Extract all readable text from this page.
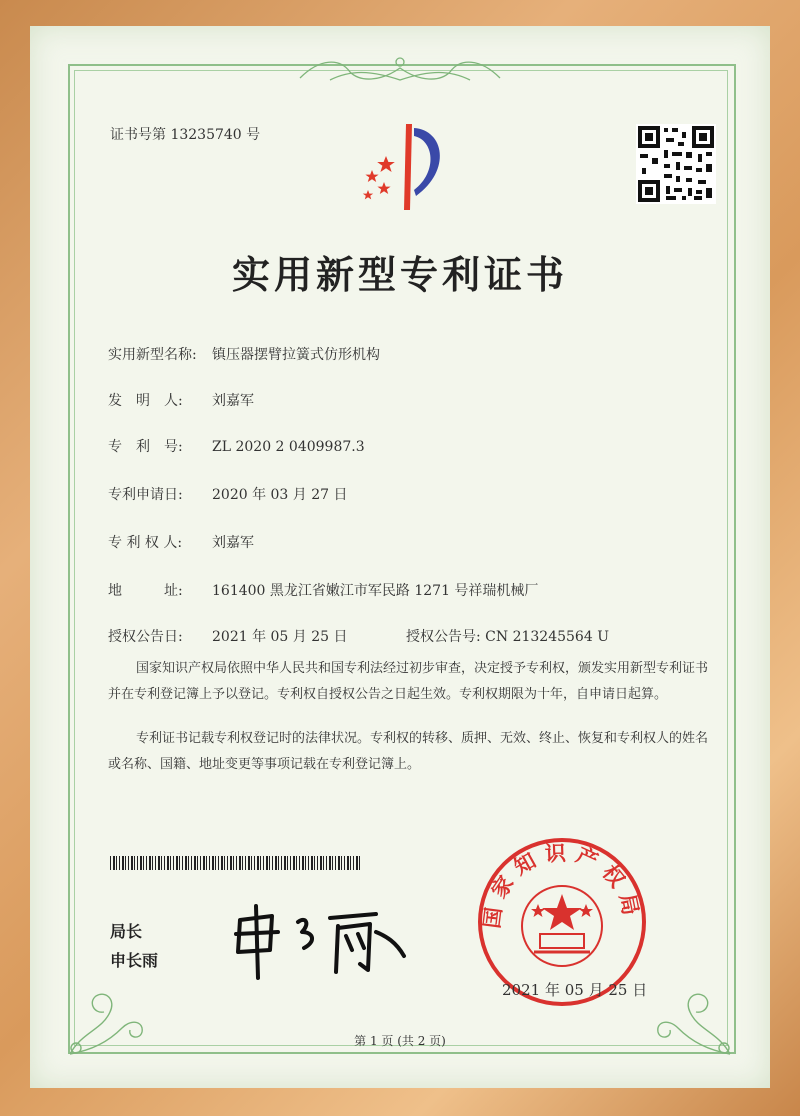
证书号第 13235740 号
实用新型专利证书
实用新型名称: 镇压器摆臂拉簧式仿形机构
发　明　人: 刘嘉军
专　利　号: ZL 2020 2 0409987.3
专利申请日: 2020 年 03 月 27 日
专 利 权 人: 刘嘉军
地　　　址: 161400 黑龙江省嫩江市军民路 1271 号祥瑞机械厂
授权公告日: 2021 年 05 月 25 日	授权公告号: CN 213245564 U
国家知识产权局依照中华人民共和国专利法经过初步审查，决定授予专利权，颁发实用新型专利证书并在专利登记簿上予以登记。专利权自授权公告之日起生效。专利权期限为十年，自申请日起算。
专利证书记载专利权登记时的法律状况。专利权的转移、质押、无效、终止、恢复和专利权人的姓名或名称、国籍、地址变更等事项记载在专利登记簿上。
局长
申长雨
国家知识产权局
2021 年 05 月 25 日
第 1 页 (共 2 页)
